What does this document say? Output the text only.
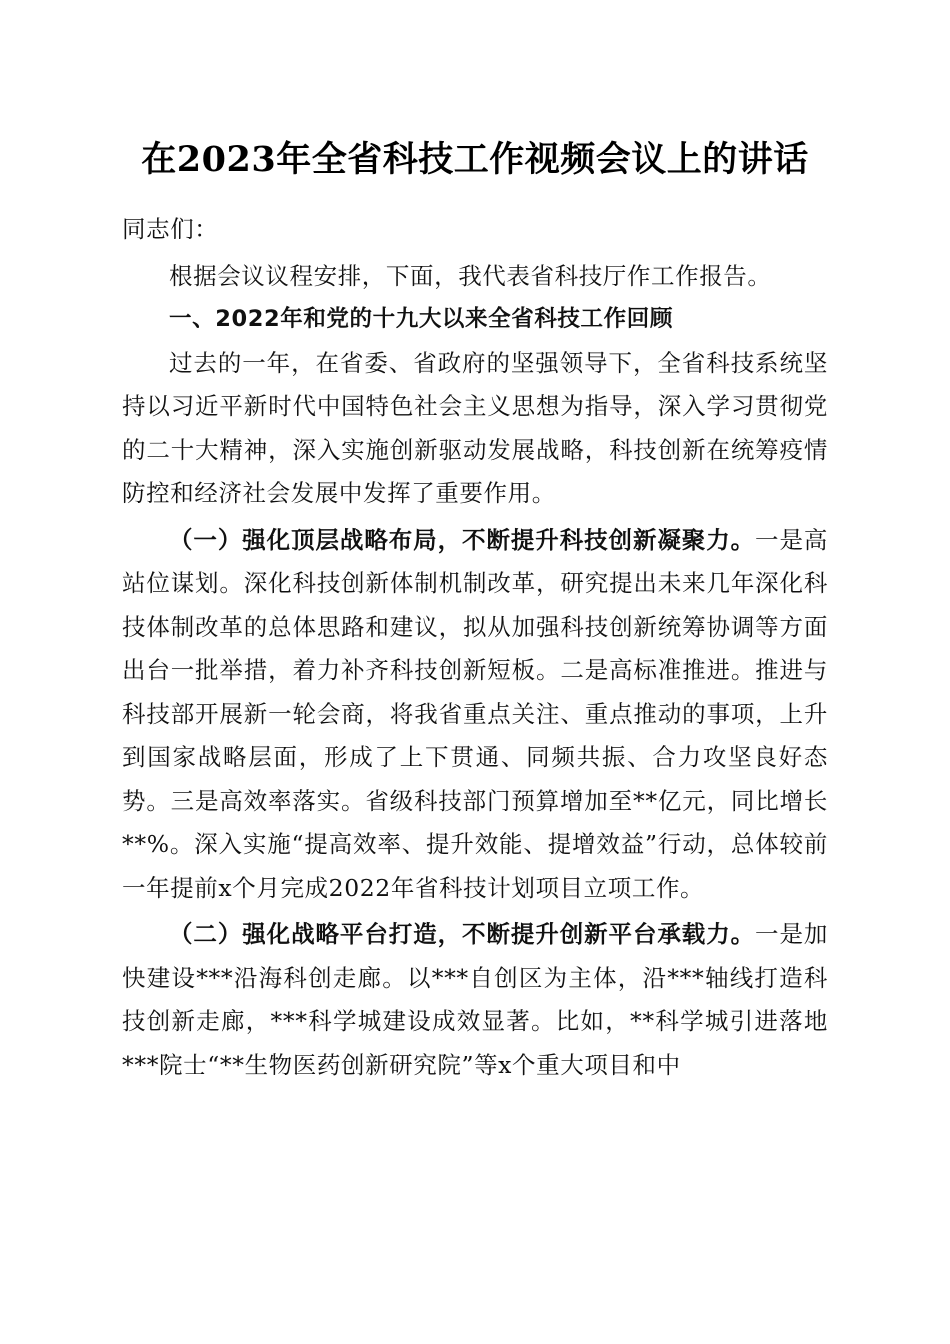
在2023年全省科技工作视频会议上的讲话

同志们：

根据会议议程安排，下面，我代表省科技厅作工作报告。

一、2022年和党的十九大以来全省科技工作回顾

过去的一年，在省委、省政府的坚强领导下，全省科技系统坚持以习近平新时代中国特色社会主义思想为指导，深入学习贯彻党的二十大精神，深入实施创新驱动发展战略，科技创新在统筹疫情防控和经济社会发展中发挥了重要作用。

（一）强化顶层战略布局，不断提升科技创新凝聚力。一是高站位谋划。深化科技创新体制机制改革，研究提出未来几年深化科技体制改革的总体思路和建议，拟从加强科技创新统筹协调等方面出台一批举措，着力补齐科技创新短板。二是高标准推进。推进与科技部开展新一轮会商，将我省重点关注、重点推动的事项，上升到国家战略层面，形成了上下贯通、同频共振、合力攻坚良好态势。三是高效率落实。省级科技部门预算增加至**亿元，同比增长**%。深入实施“提高效率、提升效能、提增效益”行动，总体较前一年提前x个月完成2022年省科技计划项目立项工作。

（二）强化战略平台打造，不断提升创新平台承载力。一是加快建设***沿海科创走廊。以***自创区为主体，沿***轴线打造科技创新走廊，***科学城建设成效显著。比如，**科学城引进落地***院士“**生物医药创新研究院”等x个重大项目和中
